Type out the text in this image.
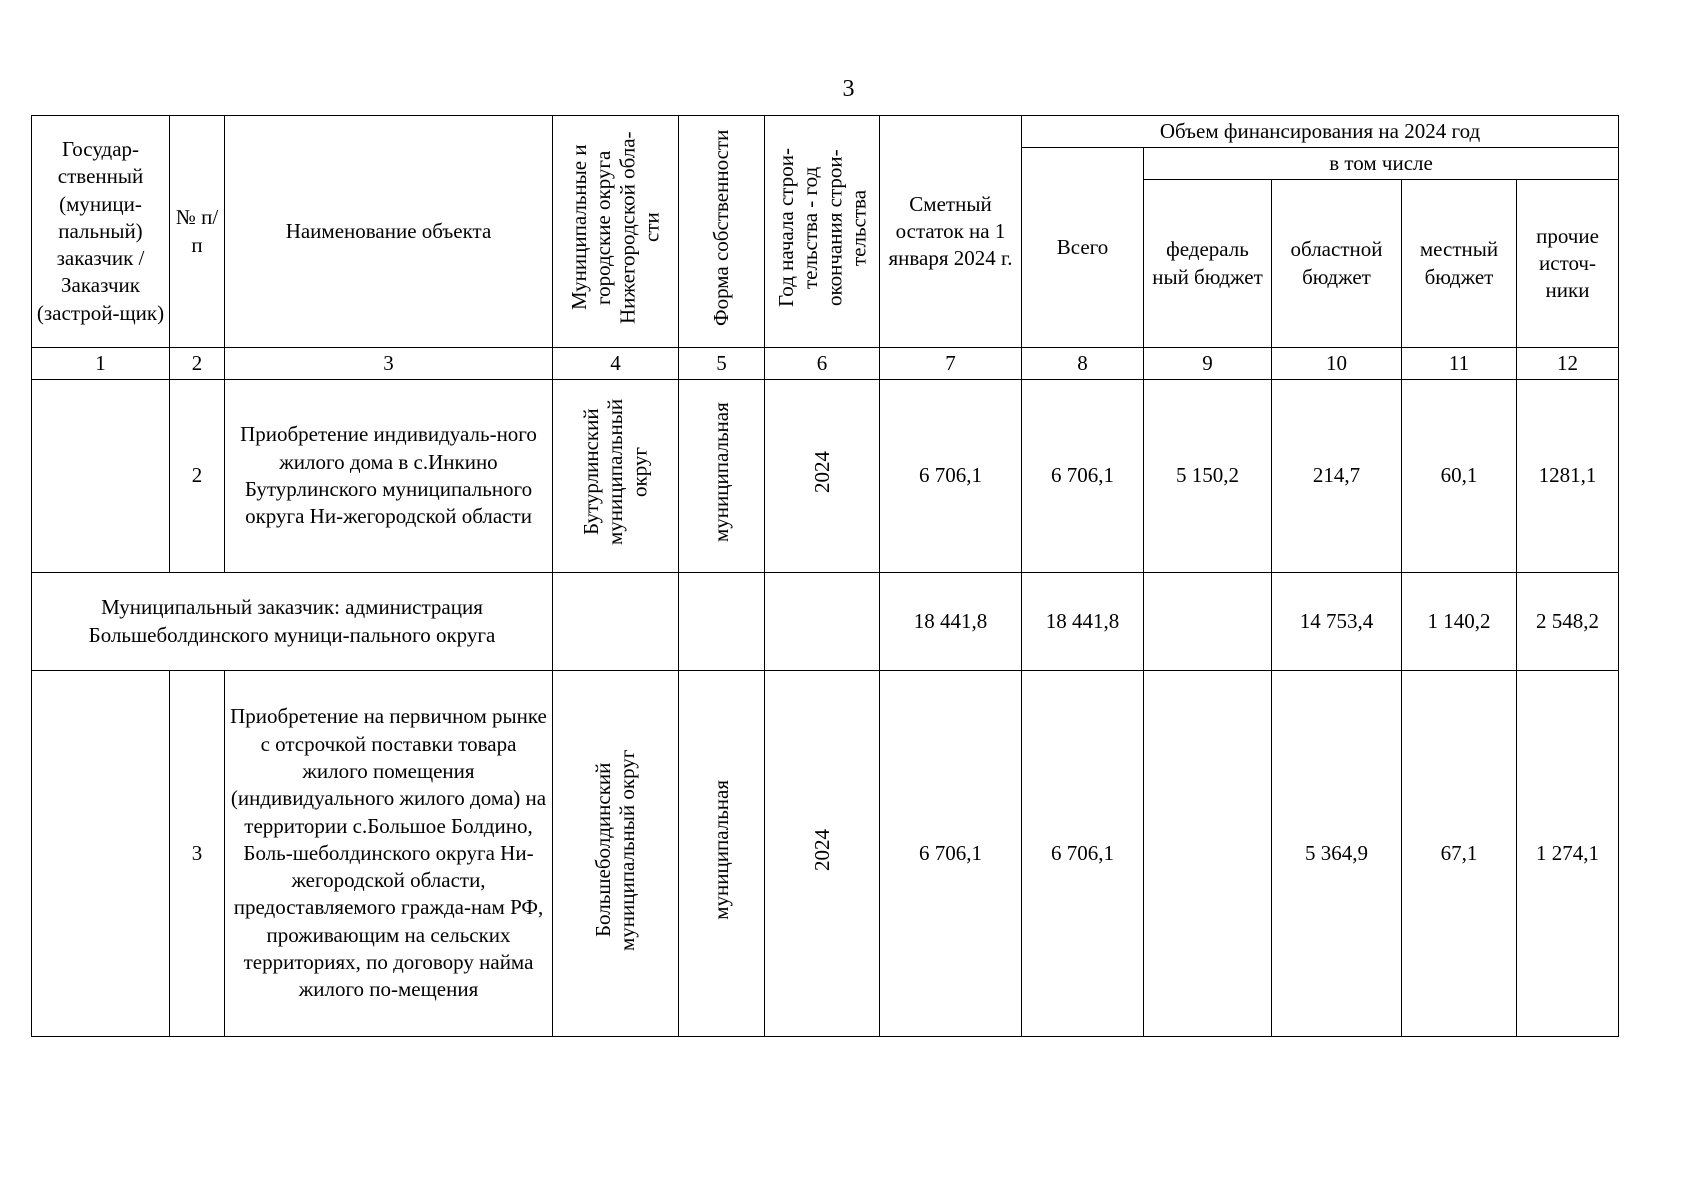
3
Государ-ственный (муници-пальный) заказчик / Заказчик (застрой-щик)	№ п/п	Наименование объекта	Муниципальные и городские округа Нижегородской обла-сти	Форма собственности	Год начала строи-тельства - год окончания строи-тельства	Сметный остаток на 1 января 2024 г.	Объем финансирования на 2024 год				
							Всего	в том числе			
								федераль ный бюджет	областной бюджет	местный бюджет	прочие источ-ники
1	2	3	4	5	6	7	8	9	10	11	12
	2	Приобретение индивидуаль-ного жилого дома в с.Инкино Бутурлинского муниципального округа Ни-жегородской области	Бутурлинский муниципальный округ	муниципальная	2024	6 706,1	6 706,1	5 150,2	214,7	60,1	1281,1
Муниципальный заказчик: администрация Большеболдинского муници-пального округа						18 441,8	18 441,8		14 753,4	1 140,2	2 548,2
	3	Приобретение на первичном рынке с отсрочкой поставки товара жилого помещения (индивидуального жилого дома) на территории с.Большое Болдино, Боль-шеболдинского округа Ни-жегородской области, предоставляемого гражда-нам РФ, проживающим на сельских территориях, по договору найма жилого по-мещения	Большеболдинский муниципальный округ	муниципальная	2024	6 706,1	6 706,1		5 364,9	67,1	1 274,1
